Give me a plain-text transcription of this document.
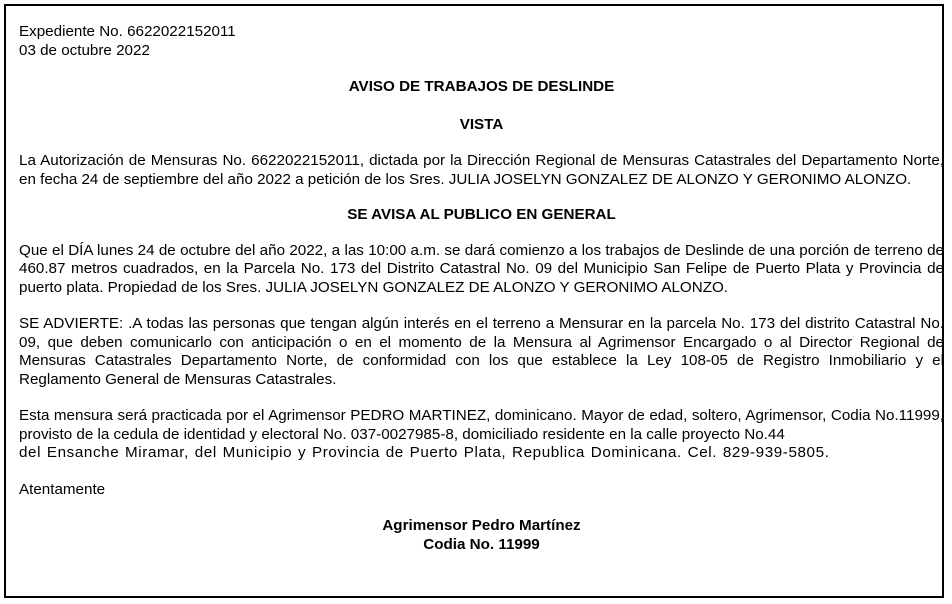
Expediente No. 6622022152011

03 de octubre 2022

AVISO DE TRABAJOS DE DESLINDE

VISTA

La Autorización de Mensuras No. 6622022152011, dictada por la Dirección Regional de Mensuras Catastrales del Departamento Norte, en fecha 24 de septiembre del año 2022 a petición de los Sres. JULIA JOSELYN GONZALEZ DE ALONZO Y GERONIMO ALONZO.

SE AVISA AL PUBLICO EN GENERAL

Que el DÍA lunes 24 de octubre del año 2022, a las 10:00 a.m. se dará comienzo a los trabajos de Deslinde de una porción de terreno de 460.87 metros cuadrados, en la Parcela No. 173 del Distrito Catastral No. 09 del Municipio San Felipe de Puerto Plata y Provincia de puerto plata. Propiedad de los Sres. JULIA JOSELYN GONZALEZ DE ALONZO Y GERONIMO ALONZO.

SE ADVIERTE: .A todas las personas que tengan algún interés en el terreno a Mensurar en la parcela No. 173 del distrito Catastral No. 09, que deben comunicarlo con anticipación o en el momento de la Mensura al Agrimensor Encargado o al Director Regional de Mensuras Catastrales Departamento Norte, de conformidad con los que establece la Ley 108-05 de Registro Inmobiliario y el Reglamento General de Mensuras Catastrales.

Esta mensura será practicada por el Agrimensor PEDRO MARTINEZ, dominicano. Mayor de edad, soltero, Agrimensor, Codia No.11999, provisto de la cedula de identidad y electoral No. 037-0027985-8, domiciliado residente en la calle proyecto No.44

del Ensanche Miramar, del Municipio y Provincia de Puerto Plata, Republica Dominicana. Cel. 829-939-5805.

Atentamente

Agrimensor Pedro Martínez

Codia No. 11999
